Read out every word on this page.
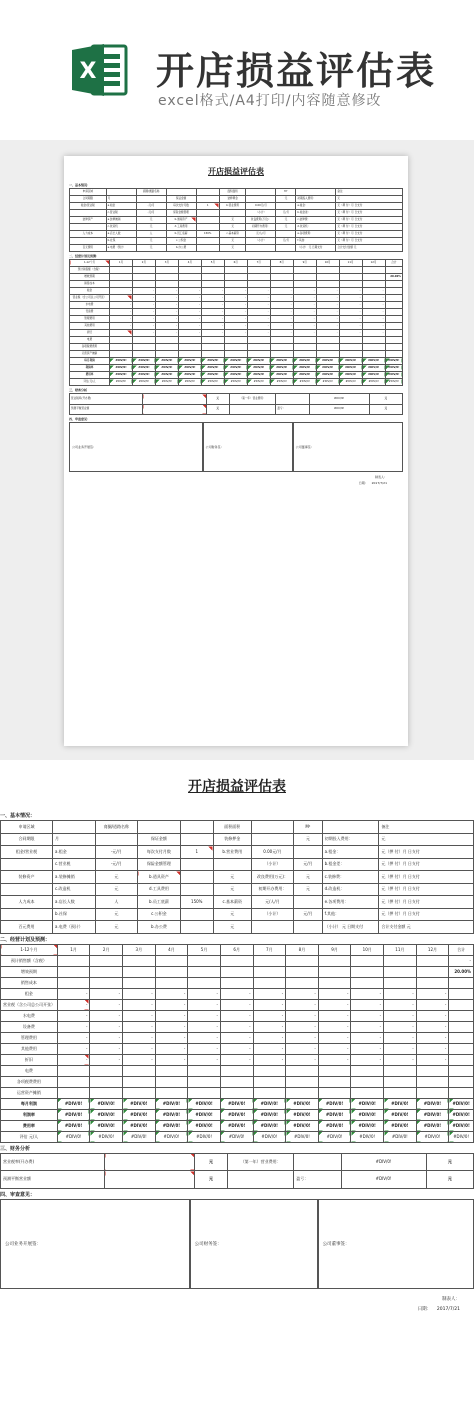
X 开店损益评估表
excel格式/A4打印/内容随意修改
开店损益评估表
一、基本情况：
申请区域		商圈/道路名称			面积面积		M²		备注
合同期限	月		保证金额		装修押金		元	初期投入费用：	元
租金/营业税	a.租金	-元/月	每次支付月数	1	b.营业费用	0.00元/月		a.租金：	元（押 付）月 日支付
	c.营业税	-元/月	保险金额管理			（小计）	元/月	b.租金差：	元（押 付）月 日支付
装修资产	a.装修摊销	元	b.道具资产		元	改良费用(万元)：	元	c.装修费：	元（押 付）月 日支付
	c.改造机	元	d.工具费用		元	初期开办费用：	元	d.改造机：	元（押 付）月 日支付
人力成本	a.店长人数	人	b.员工底薪	150%	c.基本薪资	元/人/月		e.各项费用：	元（押 付）月 日支付
	b.社保	元	c.公积金		元	（小计）	元/月	f.其他：	元（押 付）月 日支付
百元费用	a.电费（预计）	元	b.办公费		元			（小计） 元 日期支付	合计支付金额 元
二、经营计划及预测：
1-12个月	1月	2月	3月	4月	5月	6月	7月	8月	9月	10月	11月	12月	合计
预计销售额（含税）													-
增效预期													20.00%
销售成本													
租金	-	-	-	-	-	-	-	-	-	-	-	-	
营业税（含公司总公司开张）	-	-	-	-	-	-	-	-	-	-	-	-	
水电费	-	-	-	-	-	-	-	-	-	-	-	-	
设备费	-	-	-	-	-	-	-	-	-	-	-	-	
管理费用	-	-	-	-	-	-	-	-	-	-	-	-	
其他费用	-	-	-	-	-	-	-	-	-	-	-	-	
折旧	-	-	-	-	-	-	-	-	-	-	-	-	
电费													
各项税费费用													
运营资产摊销													
每月利润	#DIV/0!	#DIV/0!	#DIV/0!	#DIV/0!	#DIV/0!	#DIV/0!	#DIV/0!	#DIV/0!	#DIV/0!	#DIV/0!	#DIV/0!	#DIV/0!	#DIV/0!
利润率	#DIV/0!	#DIV/0!	#DIV/0!	#DIV/0!	#DIV/0!	#DIV/0!	#DIV/0!	#DIV/0!	#DIV/0!	#DIV/0!	#DIV/0!	#DIV/0!	#DIV/0!
费用率	#DIV/0!	#DIV/0!	#DIV/0!	#DIV/0!	#DIV/0!	#DIV/0!	#DIV/0!	#DIV/0!	#DIV/0!	#DIV/0!	#DIV/0!	#DIV/0!	#DIV/0!
评估 元/人	#DIV/0!	#DIV/0!	#DIV/0!	#DIV/0!	#DIV/0!	#DIV/0!	#DIV/0!	#DIV/0!	#DIV/0!	#DIV/0!	#DIV/0!	#DIV/0!	#DIV/0!
三、财务分析
营业税率(开办费)		元	（第一年）营业费用：		#DIV/0!	元
预测平衡营业额		元		盈亏：	#DIV/0!	元
四、审查意见：
公司业务开展签：	公司财务签：	公司董事签：
制表人：
日期： 2017/7/21
开店损益评估表
一、基本情况：
申请区域		商圈/道路名称			面积面积		M²		备注
合同期限	月		保证金额		装修押金		元	初期投入费用：	元
租金/营业税	a.租金	-元/月	每次支付月数	1	b.营业费用	0.00元/月		a.租金：	元（押 付）月 日支付
	c.营业税	-元/月	保险金额管理			（小计）	元/月	b.租金差：	元（押 付）月 日支付
装修资产	a.装修摊销	元	b.道具资产		元	改良费用(万元)：	元	c.装修费：	元（押 付）月 日支付
	c.改造机	元	d.工具费用		元	初期开办费用：	元	d.改造机：	元（押 付）月 日支付
人力成本	a.店长人数	人	b.员工底薪	150%	c.基本薪资	元/人/月		e.各项费用：	元（押 付）月 日支付
	b.社保	元	c.公积金		元	（小计）	元/月	f.其他：	元（押 付）月 日支付
百元费用	a.电费（预计）	元	b.办公费		元			（小计） 元 日期支付	合计支付金额 元
二、经营计划及预测：
1-12个月	1月	2月	3月	4月	5月	6月	7月	8月	9月	10月	11月	12月	合计
预计销售额（含税）													-
增效预期													20.00%
销售成本													
租金	-	-	-	-	-	-	-	-	-	-	-	-	
营业税（含公司总公司开张）	-	-	-	-	-	-	-	-	-	-	-	-	
水电费	-	-	-	-	-	-	-	-	-	-	-	-	
设备费	-	-	-	-	-	-	-	-	-	-	-	-	
管理费用	-	-	-	-	-	-	-	-	-	-	-	-	
其他费用	-	-	-	-	-	-	-	-	-	-	-	-	
折旧	-	-	-	-	-	-	-	-	-	-	-	-	
电费													
各项税费费用													
运营资产摊销													
每月利润	#DIV/0!	#DIV/0!	#DIV/0!	#DIV/0!	#DIV/0!	#DIV/0!	#DIV/0!	#DIV/0!	#DIV/0!	#DIV/0!	#DIV/0!	#DIV/0!	#DIV/0!
利润率	#DIV/0!	#DIV/0!	#DIV/0!	#DIV/0!	#DIV/0!	#DIV/0!	#DIV/0!	#DIV/0!	#DIV/0!	#DIV/0!	#DIV/0!	#DIV/0!	#DIV/0!
费用率	#DIV/0!	#DIV/0!	#DIV/0!	#DIV/0!	#DIV/0!	#DIV/0!	#DIV/0!	#DIV/0!	#DIV/0!	#DIV/0!	#DIV/0!	#DIV/0!	#DIV/0!
评估 元/人	#DIV/0!	#DIV/0!	#DIV/0!	#DIV/0!	#DIV/0!	#DIV/0!	#DIV/0!	#DIV/0!	#DIV/0!	#DIV/0!	#DIV/0!	#DIV/0!	#DIV/0!
三、财务分析
营业税率(开办费)		元	（第一年）营业费用：		#DIV/0!	元
预测平衡营业额		元		盈亏：	#DIV/0!	元
四、审查意见：
公司业务开展签：	公司财务签：	公司董事签：
制表人：
日期： 2017/7/21
